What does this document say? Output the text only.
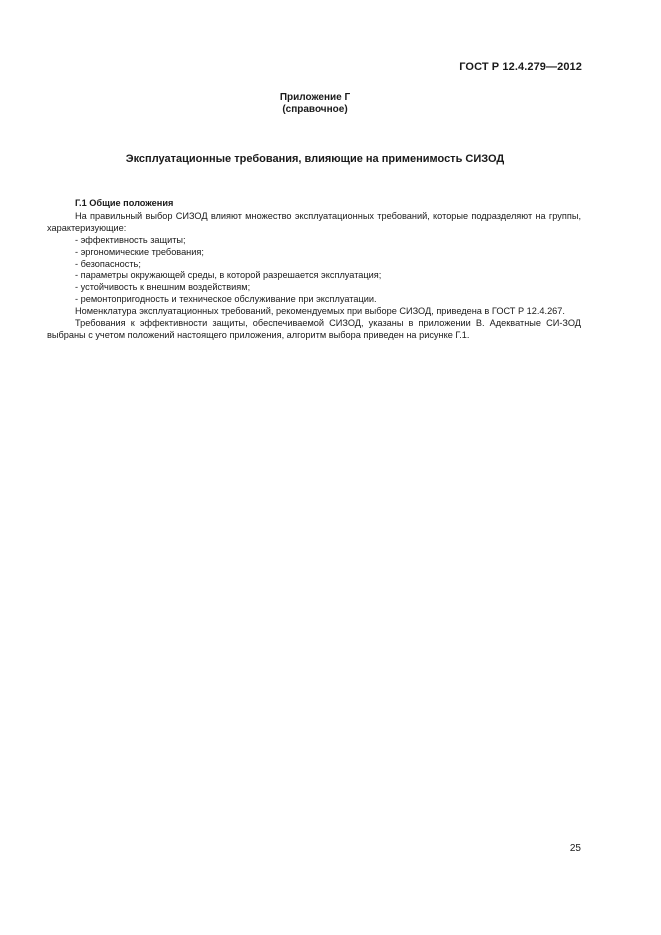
ГОСТ Р 12.4.279—2012
Приложение Г
(справочное)
Эксплуатационные требования, влияющие на применимость СИЗОД
Г.1 Общие положения

На правильный выбор СИЗОД влияют множество эксплуатационных требований, которые подразделяют на группы, характеризующие:

- эффективность защиты;

- эргономические требования;

- безопасность;

- параметры окружающей среды, в которой разрешается эксплуатация;

- устойчивость к внешним воздействиям;

- ремонтопригодность и техническое обслуживание при эксплуатации.

Номенклатура эксплуатационных требований, рекомендуемых при выборе СИЗОД, приведена в ГОСТ Р 12.4.267.

Требования к эффективности защиты, обеспечиваемой СИЗОД, указаны в приложении В. Адекватные СИ-ЗОД выбраны с учетом положений настоящего приложения, алгоритм выбора приведен на рисунке Г.1.

25
